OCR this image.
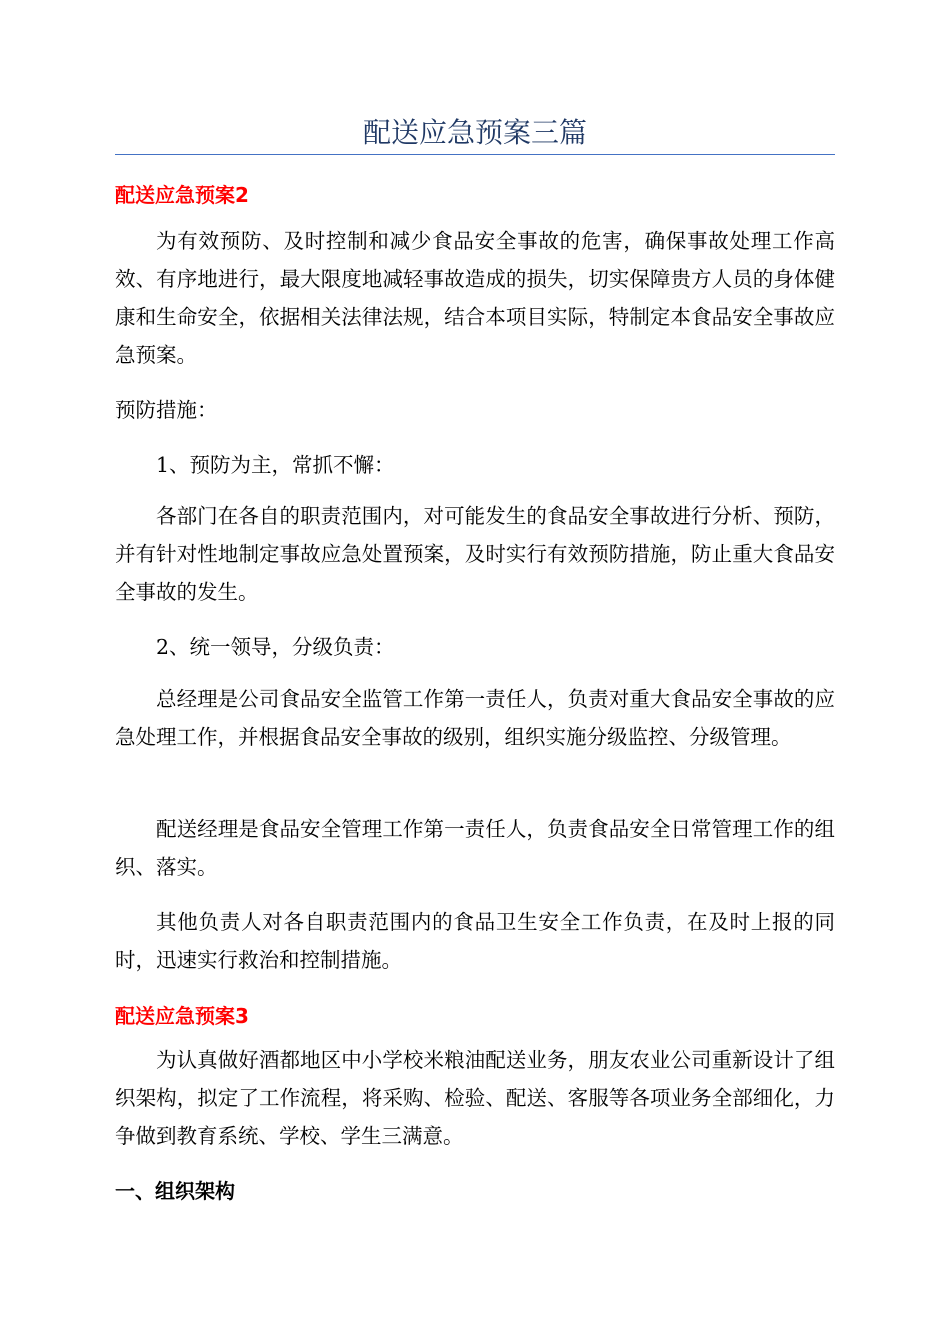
配送应急预案三篇
配送应急预案2

为有效预防、及时控制和减少食品安全事故的危害，确保事故处理工作高效、有序地进行，最大限度地减轻事故造成的损失，切实保障贵方人员的身体健康和生命安全，依据相关法律法规，结合本项目实际，特制定本食品安全事故应急预案。

预防措施：

1、预防为主，常抓不懈：

各部门在各自的职责范围内，对可能发生的食品安全事故进行分析、预防，并有针对性地制定事故应急处置预案，及时实行有效预防措施，防止重大食品安全事故的发生。

2、统一领导，分级负责：

总经理是公司食品安全监管工作第一责任人，负责对重大食品安全事故的应急处理工作，并根据食品安全事故的级别，组织实施分级监控、分级管理。

配送经理是食品安全管理工作第一责任人，负责食品安全日常管理工作的组织、落实。

其他负责人对各自职责范围内的食品卫生安全工作负责，在及时上报的同时，迅速实行救治和控制措施。

配送应急预案3

为认真做好酒都地区中小学校米粮油配送业务，朋友农业公司重新设计了组织架构，拟定了工作流程，将采购、检验、配送、客服等各项业务全部细化，力争做到教育系统、学校、学生三满意。

一、组织架构
